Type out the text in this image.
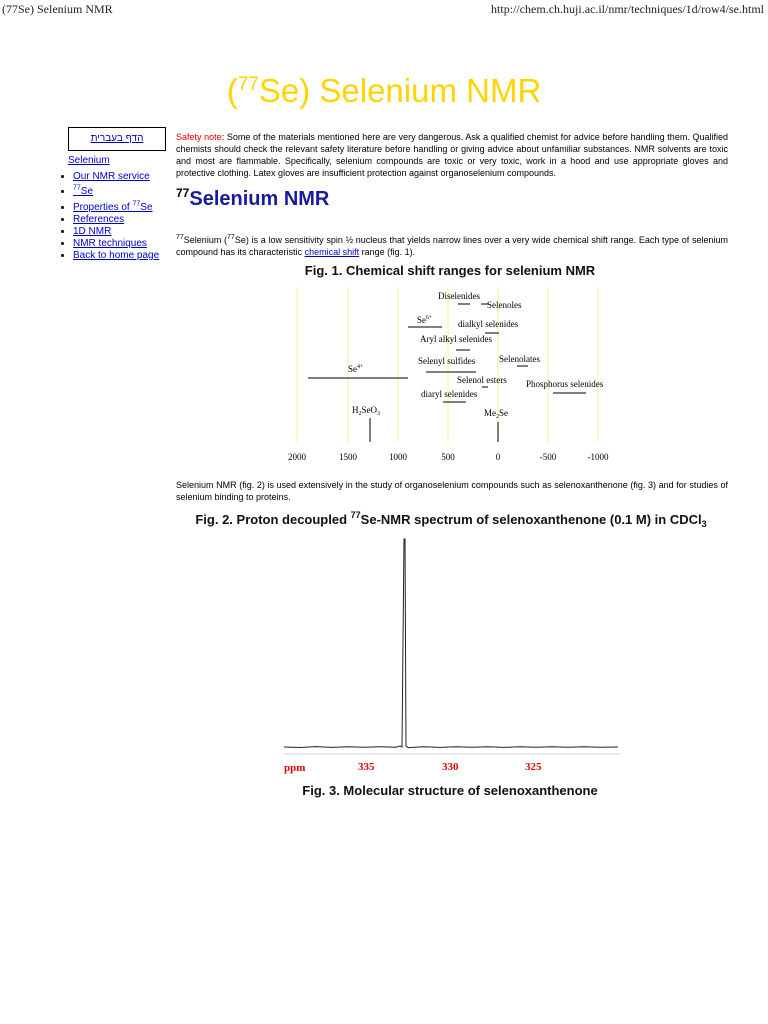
(77Se) Selenium NMR	http://chem.ch.huji.ac.il/nmr/techniques/1d/row4/se.html
($^{77}$Se) Selenium NMR
הדף בעברית
Selenium
• Our NMR service
• $^{77}$Se
• Properties of $^{77}$Se
• References
• 1D NMR
• NMR techniques
• Back to home page
Safety note: Some of the materials mentioned here are very dangerous. Ask a qualified chemist for advice before handling them. Qualified chemists should check the relevant safety literature before handling or giving advice about unfamiliar substances. NMR solvents are toxic and most are flammable. Specifically, selenium compounds are toxic or very toxic, work in a hood and use appropriate gloves and protective clothing. Latex gloves are insufficient protection against organoselenium compounds.
$^{77}$Selenium NMR
$^{77}$Selenium ($^{77}$Se) is a low sensitivity spin ½ nucleus that yields narrow lines over a very wide chemical shift range. Each type of selenium compound has its characteristic chemical shift range (fig. 1).
Fig. 1. Chemical shift ranges for selenium NMR
2000	1500	1000	500	0	-500	-1000
Diselenides
Selenoles
$Se^{6+}$
dialkyl selenides
Aryl alkyl selenides
$Se^{4+}$
Selenyl sulfides	Selenolates
Selenol esters Phosphorus selenides
diaryl selenides
$H_2SeO_3$	$Me_2Se$
Selenium NMR (fig. 2) is used extensively in the study of organoselenium compounds such as selenoxanthenone (fig. 3) and for studies of selenium binding to proteins.
Fig. 2. Proton decoupled $^{77}$Se-NMR spectrum of selenoxanthenone (0.1 M) in CDCl$_3$
ppm	335	330	325
Fig. 3. Molecular structure of selenoxanthenone
